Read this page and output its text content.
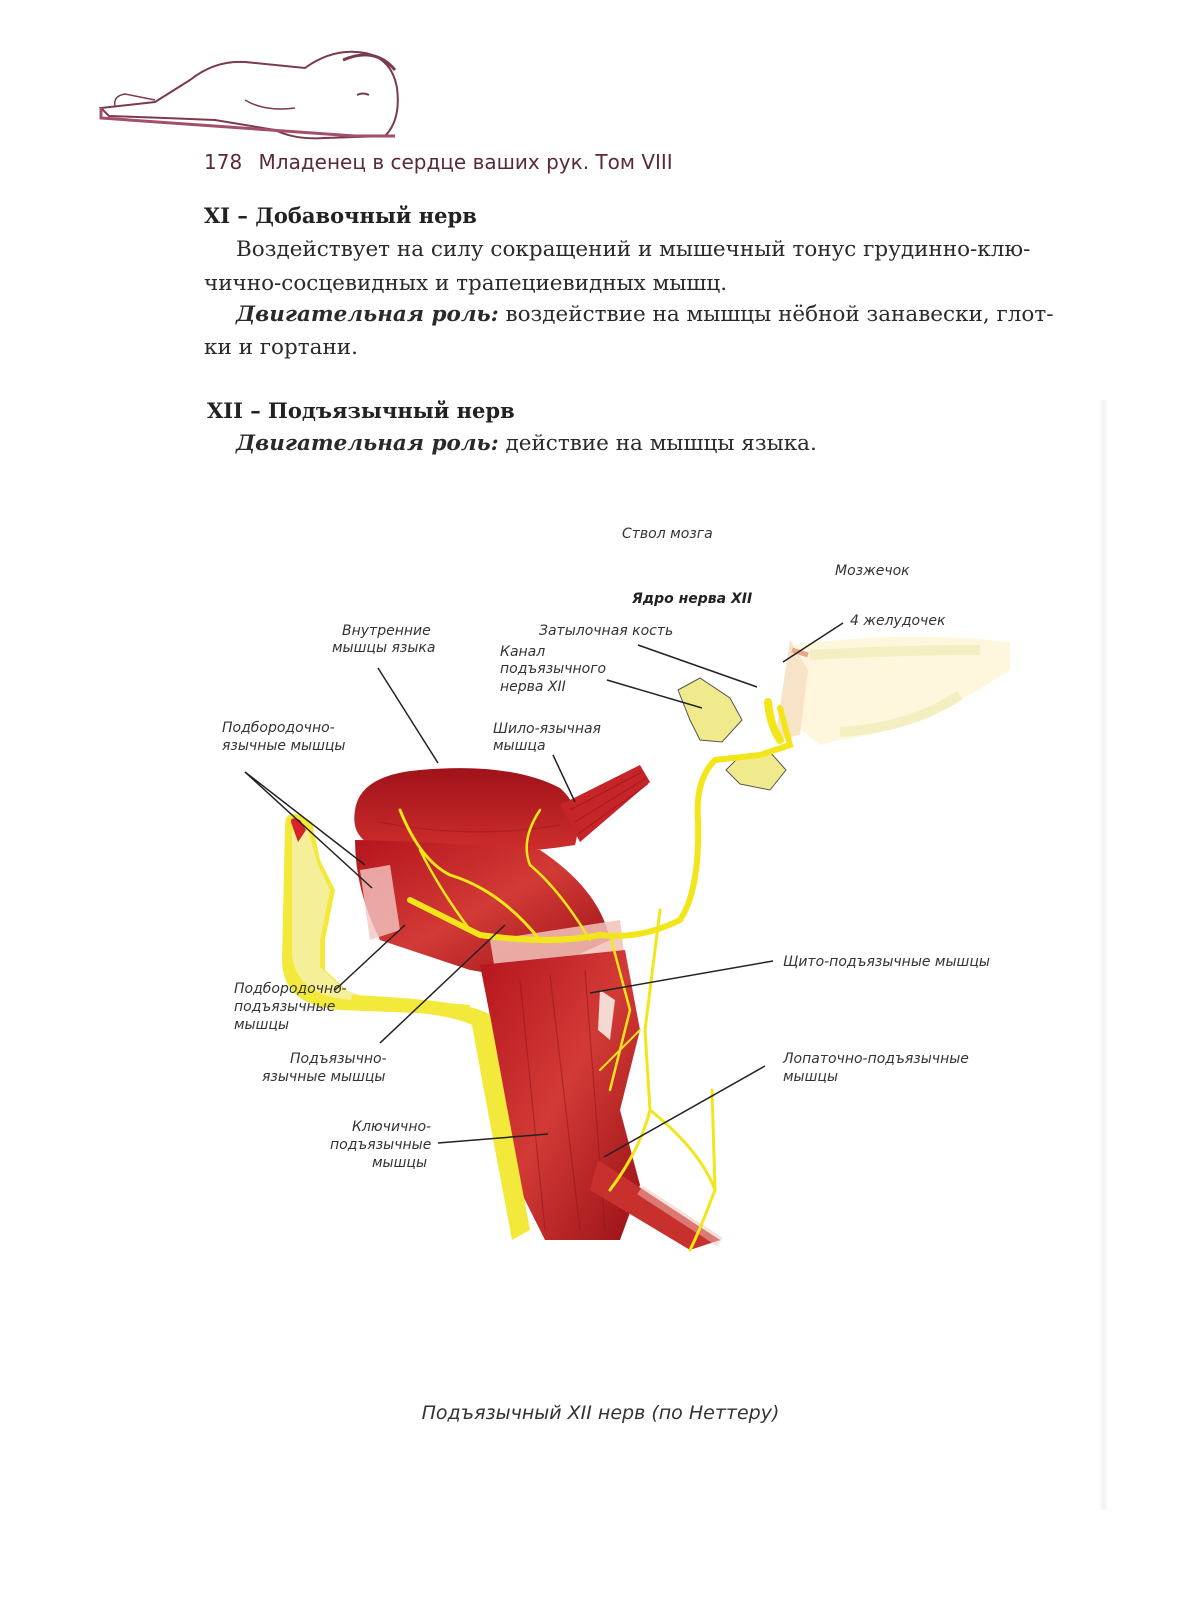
178 Младенец в сердце ваших рук. Том VIII
XI – Добавочный нерв
Воздействует на силу сокращений и мышечный тонус грудинно-клю-
чично-сосцевидных и трапециевидных мышц.
Двигательная роль: воздействие на мышцы нёбной занавески, глот-
ки и гортани.
XII – Подъязычный нерв
Двигательная роль: действие на мышцы языка.
Ствол мозга
Мозжечок
Ядро нерва XII
4 желудочек
Затылочная кость
Канал
подъязычного
нерва XII
Внутренние
мышцы языка
Подбородочно-
язычные мышцы
Шило-язычная
мышца
Щито-подъязычные мышцы
Подбородочно-
подъязычные
мышцы
Подъязычно-
язычные мышцы
Лопаточно-подъязычные
мышцы
Ключично-
подъязычные
мышцы
Подъязычный XII нерв (по Неттеру)
